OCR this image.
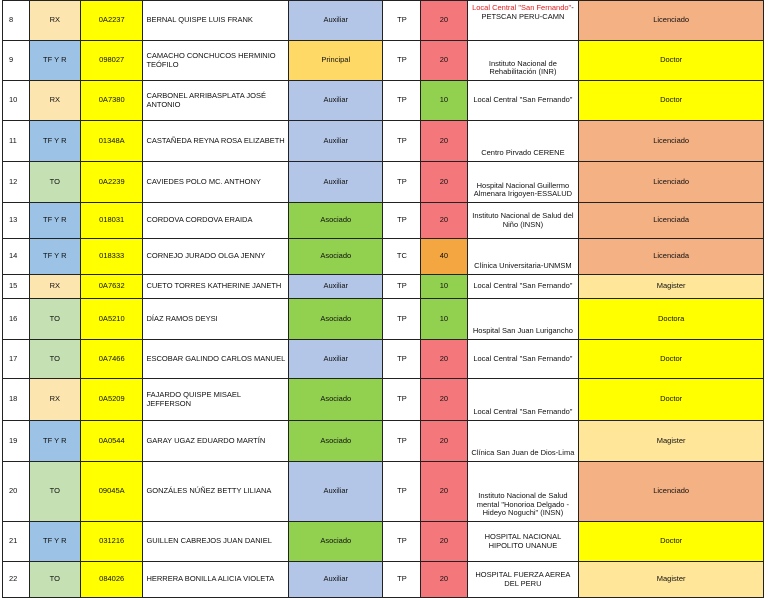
8	RX	0A2237	BERNAL QUISPE LUIS FRANK	Auxiliar	TP	20	Local Central "San Fernando"-PETSCAN PERU-CAMN	Licenciado
9	TF Y R	098027	CAMACHO CONCHUCOS HERMINIO TEÓFILO	Principal	TP	20	Instituto Nacional de Rehabilitación (INR)	Doctor
10	RX	0A7380	CARBONEL ARRIBASPLATA JOSÉ ANTONIO	Auxiliar	TP	10	Local Central "San Fernando"	Doctor
11	TF Y R	01348A	CASTAÑEDA REYNA ROSA ELIZABETH	Auxiliar	TP	20	Centro Pirvado CERENE	Licenciado
12	TO	0A2239	CAVIEDES POLO MC. ANTHONY	Auxiliar	TP	20	Hospital Nacional Guillermo Almenara Irigoyen-ESSALUD	Licenciado
13	TF Y R	018031	CORDOVA CORDOVA ERAIDA	Asociado	TP	20	Instituto Nacional de Salud del Niño (INSN)	Licenciada
14	TF Y R	018333	CORNEJO JURADO OLGA JENNY	Asociado	TC	40	Clínica Universitaria-UNMSM	Licenciada
15	RX	0A7632	CUETO TORRES KATHERINE JANETH	Auxiliar	TP	10	Local Central "San Fernando"	Magister
16	TO	0A5210	DÍAZ RAMOS DEYSI	Asociado	TP	10	Hospital San Juan Lurigancho	Doctora
17	TO	0A7466	ESCOBAR GALINDO CARLOS MANUEL	Auxiliar	TP	20	Local Central "San Fernando"	Doctor
18	RX	0A5209	FAJARDO QUISPE MISAEL JEFFERSON	Asociado	TP	20	Local Central "San Fernando"	Doctor
19	TF Y R	0A0544	GARAY UGAZ EDUARDO MARTÍN	Asociado	TP	20	Clínica San Juan de Dios-Lima	Magister
20	TO	09045A	GONZÁLES NÚÑEZ BETTY LILIANA	Auxiliar	TP	20	Instituto Nacional de Salud mental "Honorioa Delgado - Hideyo Noguchi" (INSN)	Licenciado
21	TF Y R	031216	GUILLEN CABREJOS JUAN DANIEL	Asociado	TP	20	HOSPITAL NACIONAL HIPOLITO UNANUE	Doctor
22	TO	084026	HERRERA BONILLA ALICIA VIOLETA	Auxiliar	TP	20	HOSPITAL FUERZA AEREA DEL PERU	Magister
